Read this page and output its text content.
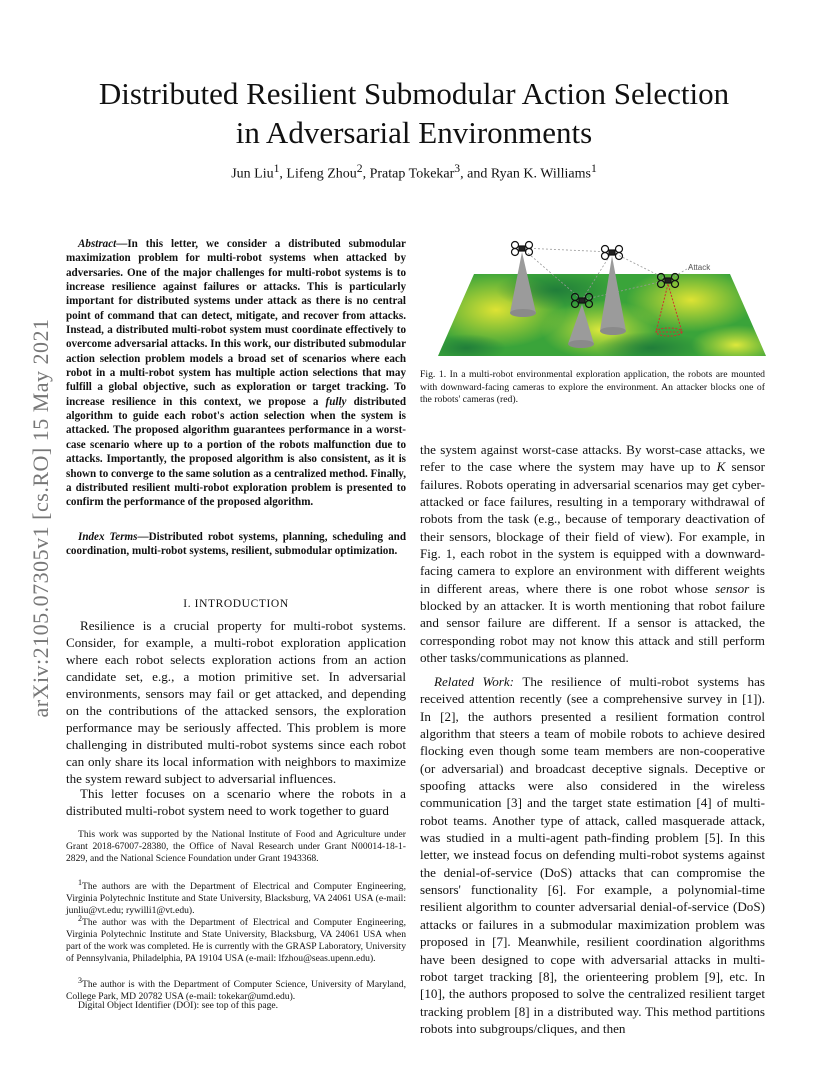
Distributed Resilient Submodular Action Selection
in Adversarial Environments
Jun Liu$^1$, Lifeng Zhou$^2$, Pratap Tokekar$^3$, and Ryan K. Williams$^1$
arXiv:2105.07305v1 [cs.RO] 15 May 2021

Abstract—In this letter, we consider a distributed submodular maximization problem for multi-robot systems when attacked by adversaries. One of the major challenges for multi-robot systems is to increase resilience against failures or attacks. This is particularly important for distributed systems under attack as there is no central point of command that can detect, mitigate, and recover from attacks. Instead, a distributed multi-robot system must coordinate effectively to overcome adversarial attacks. In this work, our distributed submodular action selection problem models a broad set of scenarios where each robot in a multi-robot system has multiple action selections that may fulfill a global objective, such as exploration or target tracking. To increase resilience in this context, we propose a fully distributed algorithm to guide each robot's action selection when the system is attacked. The proposed algorithm guarantees performance in a worst-case scenario where up to a portion of the robots malfunction due to attacks. Importantly, the proposed algorithm is also consistent, as it is shown to converge to the same solution as a centralized method. Finally, a distributed resilient multi-robot exploration problem is presented to confirm the performance of the proposed algorithm.

Index Terms—Distributed robot systems, planning, scheduling and coordination, multi-robot systems, resilient, submodular optimization.

I. INTRODUCTION

Resilience is a crucial property for multi-robot systems. Consider, for example, a multi-robot exploration application where each robot selects exploration actions from an action candidate set, e.g., a motion primitive set. In adversarial environments, sensors may fail or get attacked, and depending on the contributions of the attacked sensors, the exploration performance may be seriously affected. This problem is more challenging in distributed multi-robot systems since each robot can only share its local information with neighbors to maximize the system reward subject to adversarial influences.

This letter focuses on a scenario where the robots in a distributed multi-robot system need to work together to guard

This work was supported by the National Institute of Food and Agriculture under Grant 2018-67007-28380, the Office of Naval Research under Grant N00014-18-1-2829, and the National Science Foundation under Grant 1943368.

$^1$The authors are with the Department of Electrical and Computer Engineering, Virginia Polytechnic Institute and State University, Blacksburg, VA 24061 USA (e-mail: junliu@vt.edu; rywilli1@vt.edu).

$^2$The author was with the Department of Electrical and Computer Engineering, Virginia Polytechnic Institute and State University, Blacksburg, VA 24061 USA when part of the work was completed. He is currently with the GRASP Laboratory, University of Pennsylvania, Philadelphia, PA 19104 USA (e-mail: lfzhou@seas.upenn.edu).

$^3$The author is with the Department of Computer Science, University of Maryland, College Park, MD 20782 USA (e-mail: tokekar@umd.edu).

Digital Object Identifier (DOI): see top of this page.

Attack

Fig. 1. In a multi-robot environmental exploration application, the robots are mounted with downward-facing cameras to explore the environment. An attacker blocks one of the robots' cameras (red).

the system against worst-case attacks. By worst-case attacks, we refer to the case where the system may have up to K sensor failures. Robots operating in adversarial scenarios may get cyber-attacked or face failures, resulting in a temporary withdrawal of robots from the task (e.g., because of temporary deactivation of their sensors, blockage of their field of view). For example, in Fig. 1, each robot in the system is equipped with a downward-facing camera to explore an environment with different weights in different areas, where there is one robot whose sensor is blocked by an attacker. It is worth mentioning that robot failure and sensor failure are different. If a sensor is attacked, the corresponding robot may not know this attack and still perform other tasks/communications as planned.

Related Work: The resilience of multi-robot systems has received attention recently (see a comprehensive survey in [1]). In [2], the authors presented a resilient formation control algorithm that steers a team of mobile robots to achieve desired flocking even though some team members are non-cooperative (or adversarial) and broadcast deceptive signals. Deceptive or spoofing attacks were also considered in the wireless communication [3] and the target state estimation [4] of multi-robot teams. Another type of attack, called masquerade attack, was studied in a multi-agent path-finding problem [5]. In this letter, we instead focus on defending multi-robot systems against the denial-of-service (DoS) attacks that can compromise the sensors' functionality [6]. For example, a polynomial-time resilient algorithm to counter adversarial denial-of-service (DoS) attacks or failures in a submodular maximization problem was proposed in [7]. Meanwhile, resilient coordination algorithms have been designed to cope with adversarial attacks in multi-robot target tracking [8], the orienteering problem [9], etc. In [10], the authors proposed to solve the centralized resilient target tracking problem [8] in a distributed way. This method partitions robots into subgroups/cliques, and then
